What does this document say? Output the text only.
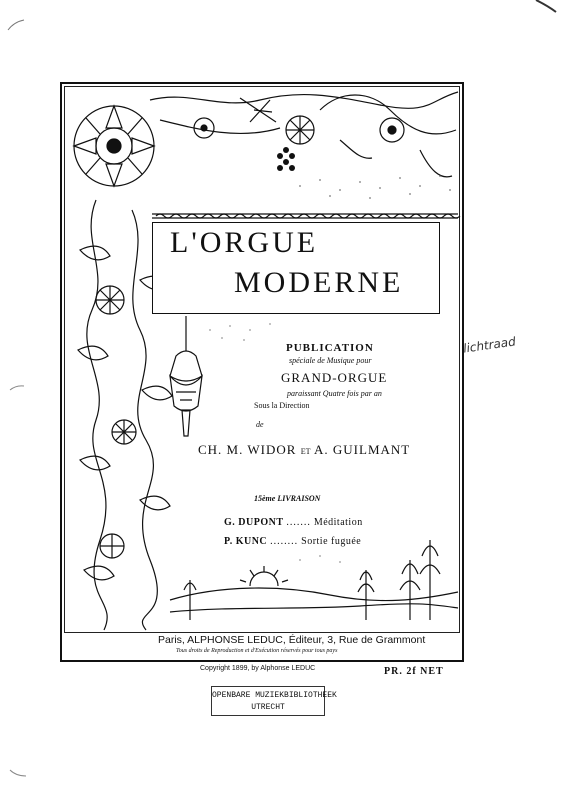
L'ORGUE
MODERNE
PUBLICATION
spéciale de Musique pour
GRAND-ORGUE
paraissant Quatre fois par an
Sous la Direction
de
CH. M. WIDOR ET A. GUILMANT
15ème LIVRAISON
G. DUPONT ....... Méditation
P. KUNC ........ Sortie fuguée
Paris, ALPHONSE LEDUC, Éditeur, 3, Rue de Grammont
Tous droits de Reproduction et d'Exécution réservés pour tous pays
Copyright 1899, by Alphonse LEDUC	PR. 2f NET
OPENBARE MUZIEKBIBLIOTHEEK
UTRECHT
lichtraad
